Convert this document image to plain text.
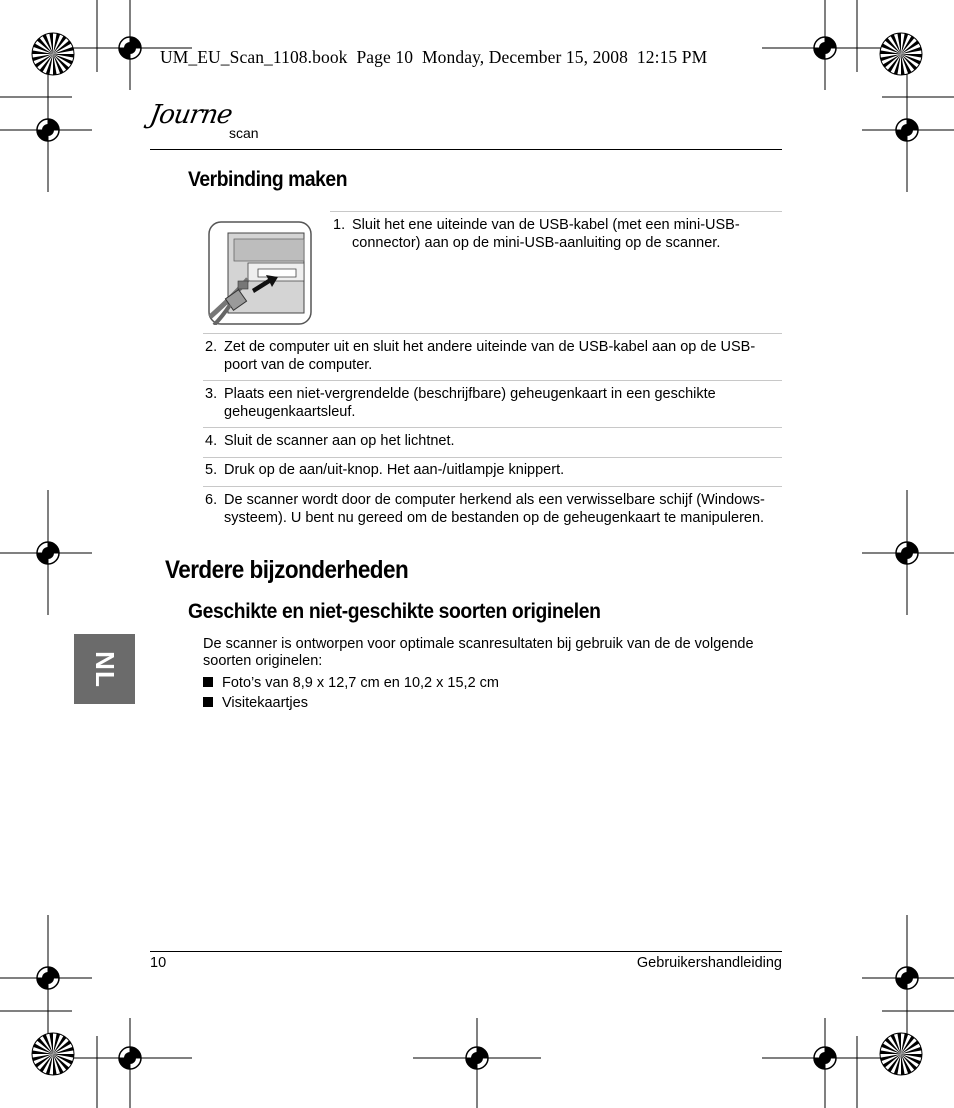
UM_EU_Scan_1108.book  Page 10  Monday, December 15, 2008  12:15 PM
Journe
scan
Verbinding maken
1. Sluit het ene uiteinde van de USB-kabel (met een mini-USB-connector) aan op de mini-USB-aanluiting op de scanner.
2. Zet de computer uit en sluit het andere uiteinde van de USB-kabel aan op de USB-poort van de computer.
3. Plaats een niet-vergrendelde (beschrijfbare) geheugenkaart in een geschikte geheugenkaartsleuf.
4. Sluit de scanner aan op het lichtnet.
5. Druk op de aan/uit-knop. Het aan-/uitlampje knippert.
6. De scanner wordt door de computer herkend als een verwisselbare schijf (Windows-systeem). U bent nu gereed om de bestanden op de geheugenkaart te manipuleren.
Verdere bijzonderheden
Geschikte en niet-geschikte soorten originelen
De scanner is ontworpen voor optimale scanresultaten bij gebruik van de de volgende soorten originelen:
Foto’s van 8,9 x 12,7 cm en 10,2 x 15,2 cm
Visitekaartjes
NL
10	Gebruikershandleiding
